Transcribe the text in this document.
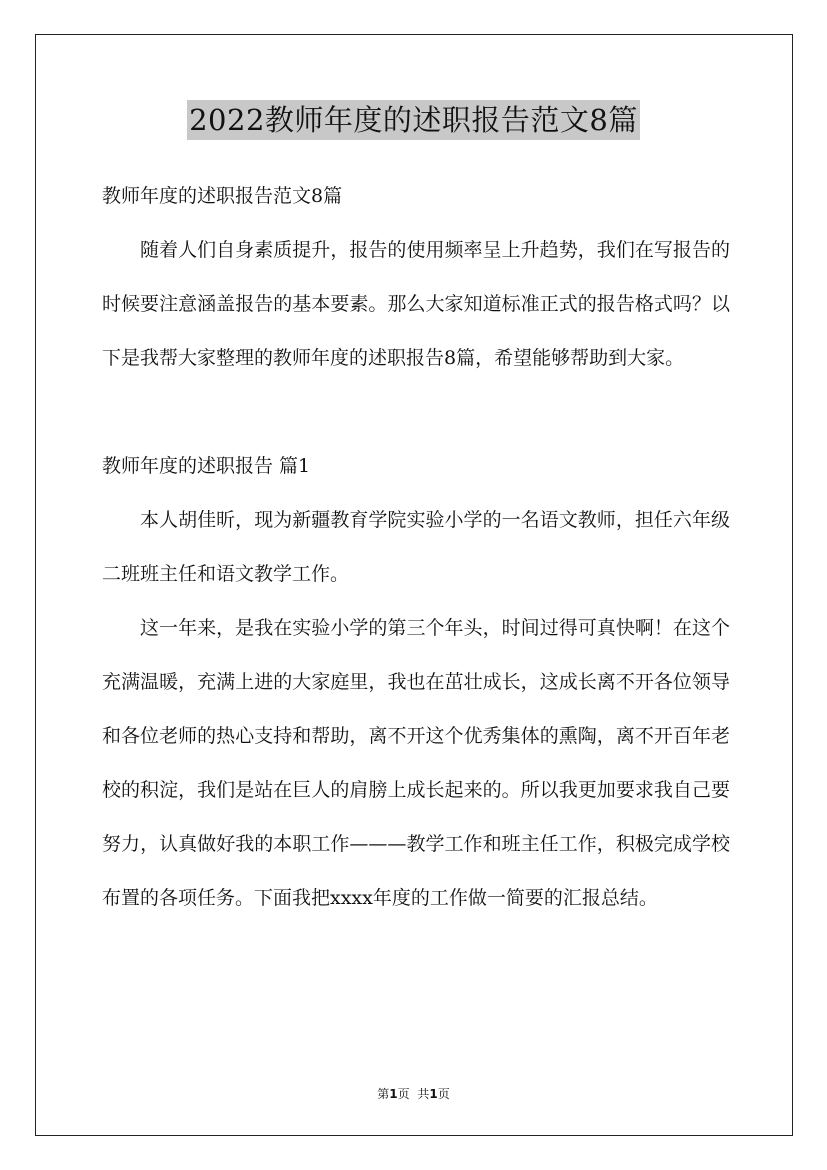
2022教师年度的述职报告范文8篇

教师年度的述职报告范文8篇

随着人们自身素质提升，报告的使用频率呈上升趋势，我们在写报告的时候要注意涵盖报告的基本要素。那么大家知道标准正式的报告格式吗？以下是我帮大家整理的教师年度的述职报告8篇，希望能够帮助到大家。

教师年度的述职报告 篇1

本人胡佳昕，现为新疆教育学院实验小学的一名语文教师，担任六年级二班班主任和语文教学工作。

这一年来，是我在实验小学的第三个年头，时间过得可真快啊！在这个充满温暖，充满上进的大家庭里，我也在茁壮成长，这成长离不开各位领导和各位老师的热心支持和帮助，离不开这个优秀集体的熏陶，离不开百年老校的积淀，我们是站在巨人的肩膀上成长起来的。所以我更加要求我自己要努力，认真做好我的本职工作———教学工作和班主任工作，积极完成学校布置的各项任务。下面我把xxxx年度的工作做一简要的汇报总结。

第1页 共1页
